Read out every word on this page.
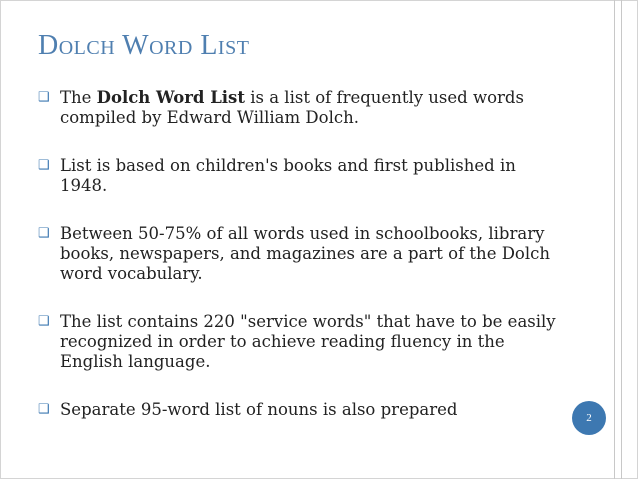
Dolch Word List
❑ The Dolch Word List is a list of frequently used words compiled by Edward William Dolch.
❑ List is based on children's books and first published in 1948.
❑ Between 50-75% of all words used in schoolbooks, library books, newspapers, and magazines are a part of the Dolch word vocabulary.
❑ The list contains 220 "service words" that have to be easily recognized in order to achieve reading fluency in the English language.
❑ Separate 95-word list of nouns is also prepared	2
